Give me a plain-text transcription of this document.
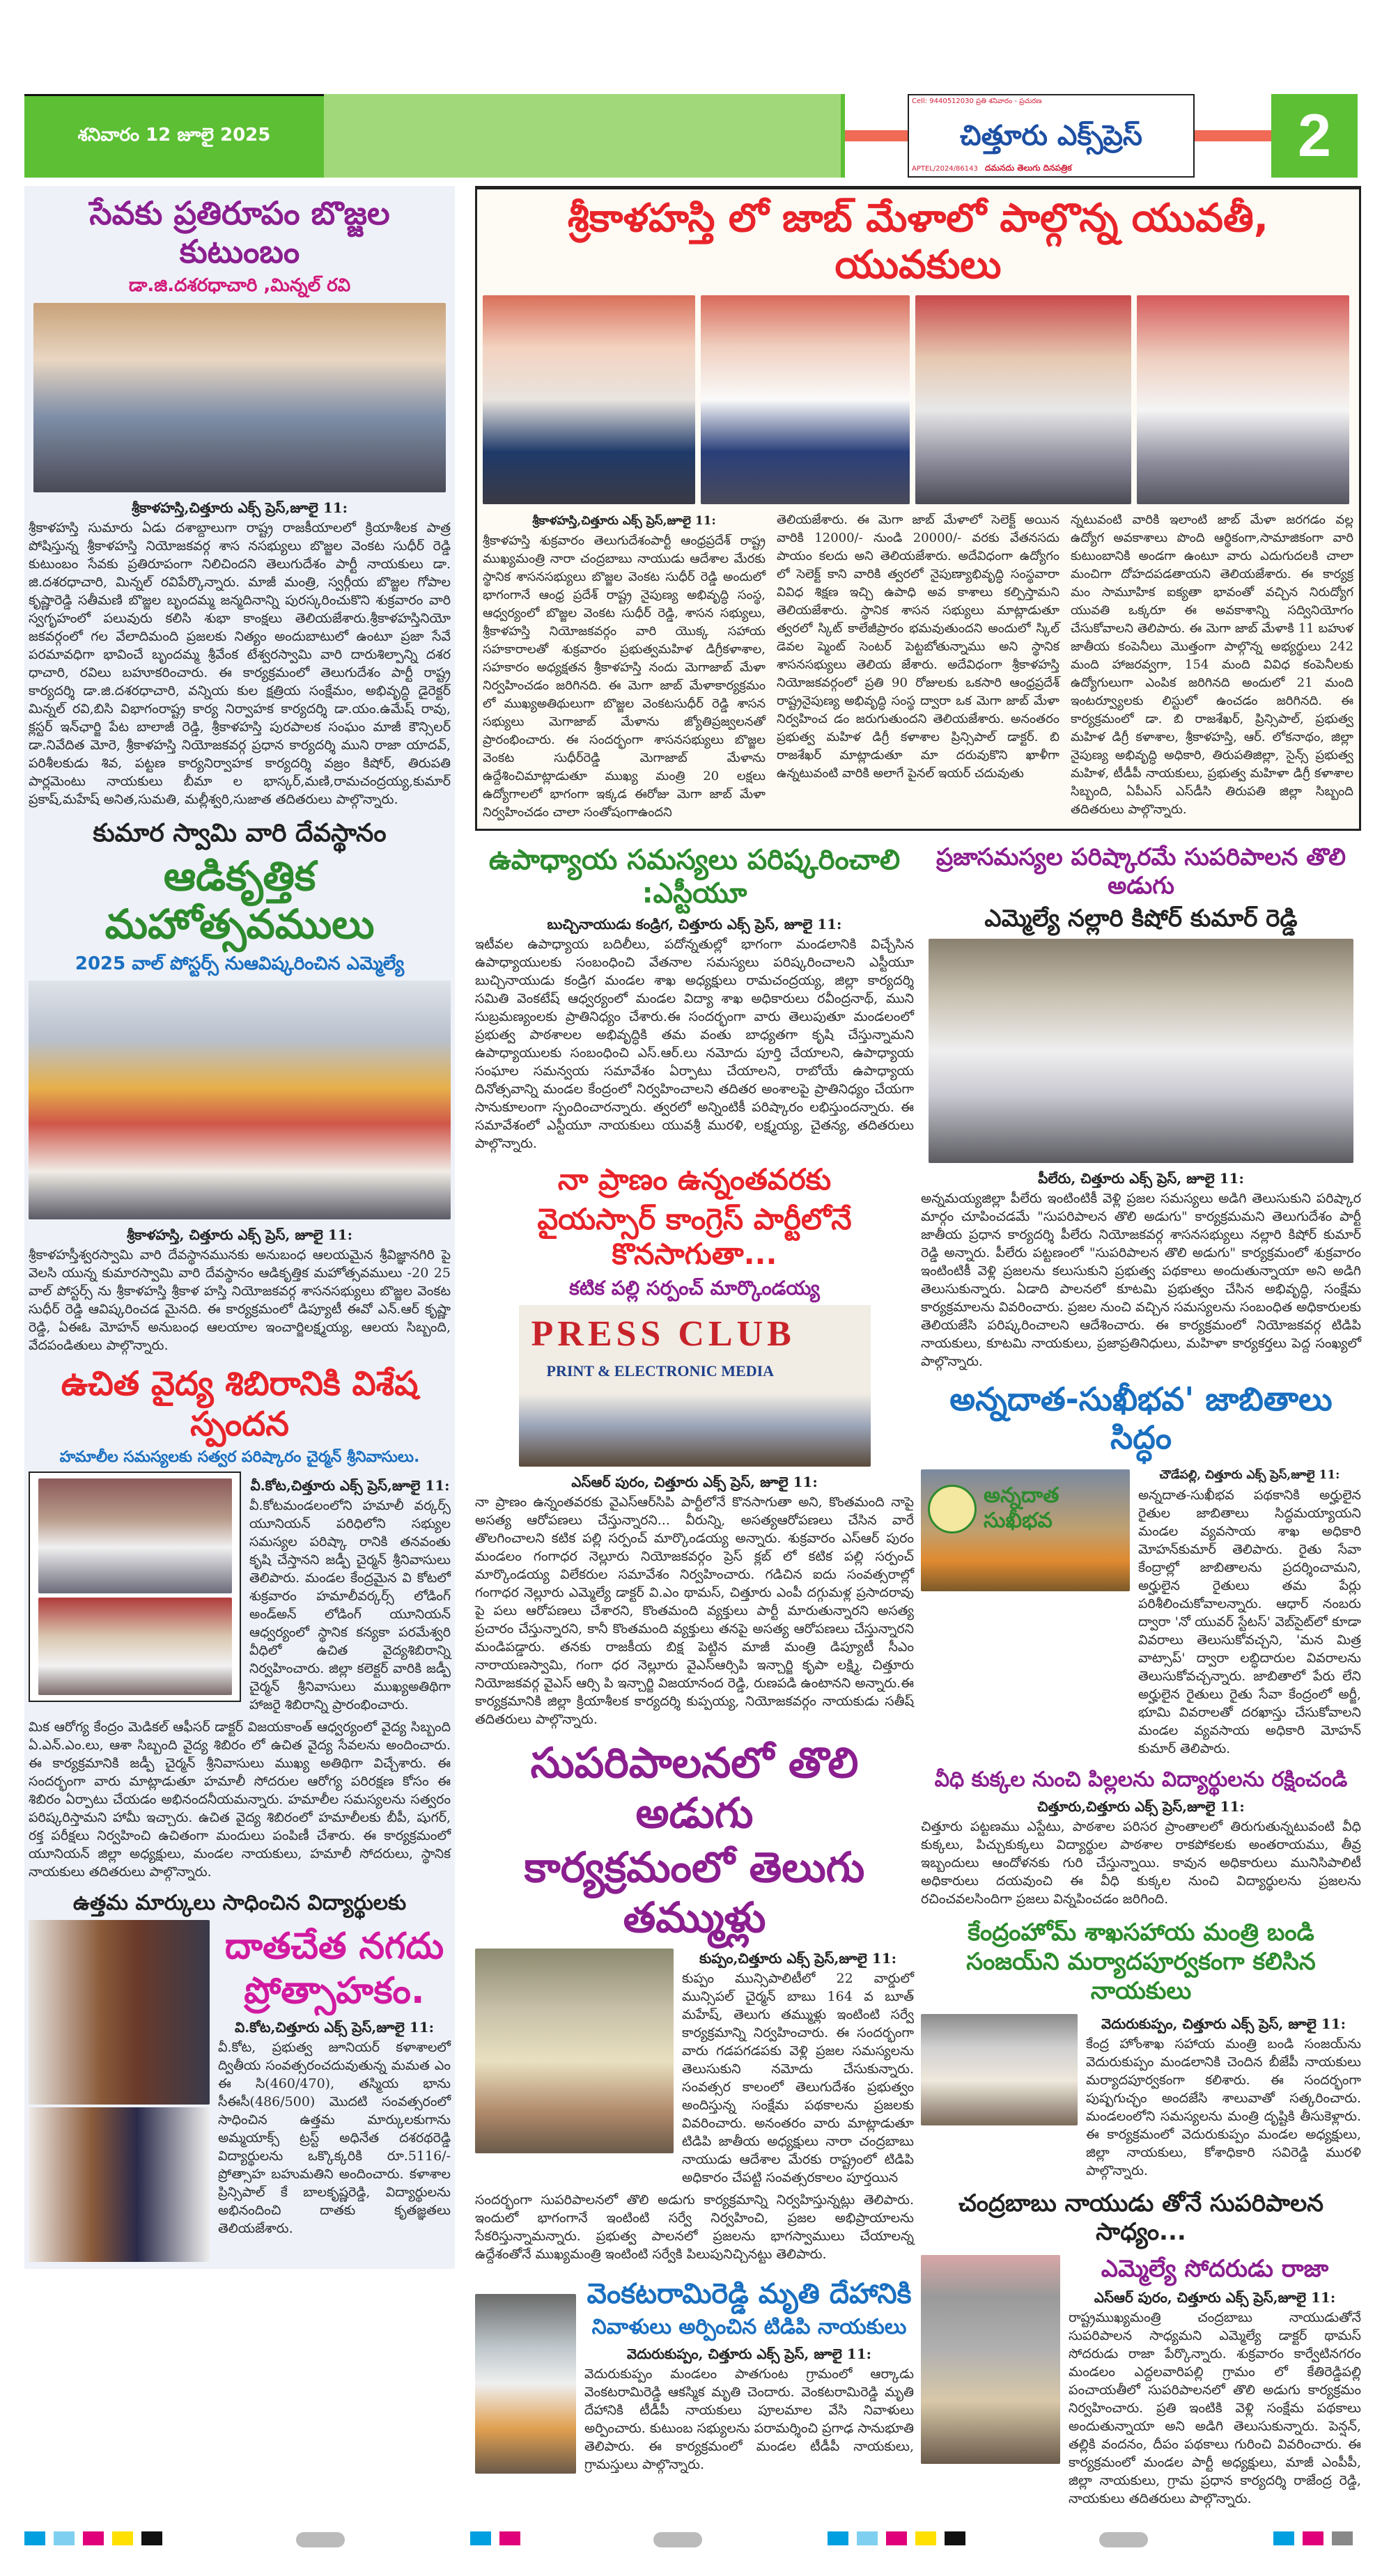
శనివారం 12 జూలై 2025
Cell: 9440512030 ప్రతి శనివారం - ప్రచురణ
చిత్తూరు ఎక్స్‌ప్రెస్
APTEL/2024/86143 దమనదు తెలుగు దినపత్రిక	2
సేవకు ప్రతిరూపం బొజ్జల కుటుంబం
డా.జి.దశరధాచారి ,మిన్నల్ రవి
శ్రీకాళహస్తి,చిత్తూరు ఎక్స్ ప్రెస్,జూలై 11:
శ్రీకాళహస్తి సుమారు ఏడు దశాబ్దాలుగా రాష్ట్ర రాజకీయాలలో క్రియాశీలక పాత్ర పోషిస్తున్న శ్రీకాళహస్తి నియోజకవర్గ శాస నసభ్యులు బొజ్జల వెంకట సుధీర్ రెడ్డి కుటుంబం సేవకు ప్రతిరూపంగా నిలిచిందని తెలుగుదేశం పార్టీ నాయకులు డా. జి.దశరధాచారి, మిన్నల్ రవిపేర్కొన్నారు. మాజీ మంత్రి, స్వర్గీయ బొజ్జల గోపాల కృష్ణారెడ్డి సతీమణి బొజ్జల బృందమ్మ జన్మదినాన్ని పురస్కరించుకొని శుక్రవారం వారి స్వగృహంలో పలువురు కలిసి శుభా కాంక్షలు తెలియజేశారు.శ్రీకాళహస్తినియో జకవర్గంలో గల వేలాదిమంది ప్రజలకు నిత్యం అందుబాటులో ఉంటూ ప్రజా సేవే పరమావధిగా భావించే బృందమ్మ శ్రీవేంక టేశ్వరస్వామి వారి దారుశిల్పాన్ని దశర ధాచారి, రవిలు బహూకరించారు. ఈ కార్యక్రమంలో తెలుగుదేశం పార్టీ రాష్ట్ర కార్యదర్శి డా.జి.దశరధాచారి, వన్నియ కుల క్షత్రియ సంక్షేమం, అభివృద్ధి డైరెక్టర్ మిన్నల్ రవి,బిసి విభాగంరాష్ట్ర కార్య నిర్వాహక కార్యదర్శి డా.యం.ఉమేష్ రావు, క్లస్టర్ ఇన్‌ఛార్జి పేట బాలాజీ రెడ్డి, శ్రీకాళహస్తి పురపాలక సంఘం మాజీ కౌన్సిలర్ డా.నివేదిత మోరె, శ్రీకాళహస్తి నియోజకవర్గ ప్రధాన కార్యదర్శి ముని రాజా యాదవ్, పరిశీలకుడు శివ, పట్టణ కార్యనిర్వాహక కార్యదర్శి వజ్రం కిషోర్, తిరుపతి పార్లమెంటు నాయకులు బీమా ల భాస్కర్,మణి,రామచంద్రయ్య,కుమార్ ప్రకాష్,మహేష్ అనిత,సుమతి, మల్లీశ్వరి,సుజాత తదితరులు పాల్గొన్నారు.
కుమార స్వామి వారి దేవస్థానం
ఆడికృత్తిక మహోత్సవములు
2025 వాల్ పోస్టర్స్ నుఆవిష్కరించిన ఎమ్మెల్యే
శ్రీకాళహస్తి, చిత్తూరు ఎక్స్ ప్రెస్, జూలై 11:
శ్రీకాళహస్తీశ్వరస్వామి వారి దేవస్థానమునకు అనుబంధ ఆలయమైన శ్రీవిజ్ఞానగిరి పై వెలసి యున్న కుమారస్వామి వారి దేవస్థానం ఆడికృత్తిక మహోత్సవములు -20 25 వాల్ పోస్టర్స్ ను శ్రీకాళహస్తి శ్రీకాళ హస్తి నియోజకవర్గ శాసనసభ్యులు బొజ్జల వెంకట సుధీర్ రెడ్డి ఆవిష్కరించడ మైనది. ఈ కార్యక్రమంలో డిప్యూటీ ఈవో ఎన్.ఆర్ కృష్ణా రెడ్డి, ఏఈఓ మోహన్ అనుబంధ ఆలయాల ఇంచార్జిలక్ష్మయ్య, ఆలయ సిబ్బంది, వేదపండితులు పాల్గొన్నారు.
ఉచిత వైద్య శిబిరానికి విశేష స్పందన
హమాలీల సమస్యలకు సత్వర పరిష్కారం చైర్మన్ శ్రీనివాసులు.
వీ.కోట,చిత్తూరు ఎక్స్ ప్రెస్,జూలై 11:
వీ.కోటమండలంలోని హమాలీ వర్కర్స్ యూనియన్ పరిధిలోని సభ్యుల సమస్యల పరిష్కా రానికి తనవంతు కృషి చేస్తానని జడ్పీ చైర్మన్ శ్రీనివాసులు తెలిపారు. మండల కేంద్రమైన వి కోటలో శుక్రవారం హమాలీవర్కర్స్ లోడింగ్ అండ్అన్ లోడింగ్ యూనియన్ ఆధ్వర్యంలో స్థానిక కన్యకా పరమేశ్వరి వీధిలో ఉచిత వైద్యశిబిరాన్ని నిర్వహించారు. జిల్లా కలెక్టర్ వారికి జడ్పీ చైర్మన్ శ్రీనివాసులు ముఖ్యఅతిథిగా హాజరై శిబిరాన్ని ప్రారంభించారు.
మిక ఆరోగ్య కేంద్రం మెడికల్ ఆఫీసర్ డాక్టర్ విజయకాంత్ ఆధ్వర్యంలో వైద్య సిబ్బంది ఏ.ఎన్.ఎం.లు, ఆశా సిబ్బంది వైద్య శిబిరం లో ఉచిత వైద్య సేవలను అందించారు. ఈ కార్యక్రమానికి జడ్పీ చైర్మన్ శ్రీనివాసులు ముఖ్య అతిథిగా విచ్చేశారు. ఈ సందర్భంగా వారు మాట్లాడుతూ హమాలీ సోదరుల ఆరోగ్య పరిరక్షణ కోసం ఈ శిబిరం ఏర్పాటు చేయడం అభినందనీయమన్నారు. హమాలీల సమస్యలను సత్వరం పరిష్కరిస్తామని హామీ ఇచ్చారు. ఉచిత వైద్య శిబిరంలో హమాలీలకు బీపీ, షుగర్, రక్త పరీక్షలు నిర్వహించి ఉచితంగా మందులు పంపిణీ చేశారు. ఈ కార్యక్రమంలో యూనియన్ జిల్లా అధ్యక్షులు, మండల నాయకులు, హమాలీ సోదరులు, స్థానిక నాయకులు తదితరులు పాల్గొన్నారు.
ఉత్తమ మార్కులు సాధించిన విద్యార్థులకు
దాతచేత నగదు ప్రోత్సాహకం.
వి.కోట,చిత్తూరు ఎక్స్ ప్రెస్,జూలై 11:
వీ.కోట, ప్రభుత్వ జూనియర్ కళాశాలలో ద్వితీయ సంవత్సరంచదువుతున్న మమత ఎం ఈ సి(460/470), తస్మియ భాను సీఈసీ(486/500) మొదటి సంవత్సరంలో సాధించిన ఉత్తమ మార్కులకుగాను అమ్మయాక్స్ ట్రస్ట్ అధినేత దశరథరెడ్డి విద్యార్థులను ఒక్కొక్కరికి రూ.5116/- ప్రోత్సాహ బహుమతిని అందించారు. కళాశాల ప్రిన్సిపాల్ కే బాలకృష్ణరెడ్డి, విద్యార్థులను అభినందించి దాతకు కృతజ్ఞతలు తెలియజేశారు.
శ్రీకాళహస్తి లో జాబ్ మేళాలో పాల్గొన్న యువతీ, యువకులు
శ్రీకాళహస్తి,చిత్తూరు ఎక్స్ ప్రెస్,జూలై 11:
శ్రీకాళహస్తి శుక్రవారం తెలుగుదేశంపార్టీ ఆంధ్రప్రదేశ్ రాష్ట్ర ముఖ్యమంత్రి నారా చంద్రబాబు నాయుడు ఆదేశాల మేరకు స్థానిక శాసనసభ్యులు బొజ్జల వెంకట సుధీర్ రెడ్డి అందులో భాగంగానే ఆంధ్ర ప్రదేశ్ రాష్ట్ర నైపుణ్య అభివృద్ధి సంస్థ, ఆధ్వర్యంలో బొజ్జల వెంకట సుధీర్ రెడ్డి, శాసన సభ్యులు, శ్రీకాళహస్తి నియోజకవర్గం వారి యొక్క సహాయ సహకారాలతో శుక్రవారం ప్రభుత్వమహిళ డిగ్రీకళాశాల, సహకారం అధ్యక్షతన శ్రీకాళహస్తి నందు మెగాజాబ్ మేళా నిర్వహించడం జరిగినది. ఈ మెగా జాబ్ మేళాకార్యక్రమం లో ముఖ్యఅతిథులుగా బొజ్జల వెంకటసుధీర్ రెడ్డి శాసన సభ్యులు మెగాజాబ్ మేళాను జ్యోతిప్రజ్వలనతో ప్రారంభించారు. ఈ సందర్భంగా శాసనసభ్యులు బొజ్జల వెంకట సుధీర్‌రెడ్డి మెగాజాబ్ మేళాను ఉద్దేశించిమాట్లాడుతూ ముఖ్య మంత్రి 20 లక్షలు ఉద్యోగాలలో భాగంగా ఇక్కడ ఈరోజు మెగా జాబ్ మేళా నిర్వహించడం చాలా సంతోషంగాఉందని
తెలియజేశారు. ఈ మెగా జాబ్ మేళాలో సెలెక్ట్ అయిన వారికి 12000/- నుండి 20000/- వరకు వేతనసదు పాయం కలదు అని తెలియజేశారు. అదేవిధంగా ఉద్యోగం లో సెలెక్ట్ కాని వారికి త్వరలో నైపుణ్యాభివృద్ధి సంస్థవారా వివిధ శిక్షణ ఇచ్చి ఉపాధి అవ కాశాలు కల్పిస్తామని తెలియజేశారు. స్థానిక శాసన సభ్యులు మాట్లాడుతూ త్వరలో స్కిట్ కాలేజీప్రారం భమవుతుందని అందులో స్కిల్ డెవల ప్మెంట్ సెంటర్ పెట్టబోతున్నాము అని స్థానిక శాసనసభ్యులు తెలియ జేశారు. అదేవిధంగా శ్రీకాళహస్తి నియోజకవర్గంలో ప్రతి 90 రోజులకు ఒకసారి ఆంధ్రప్రదేశ్ రాష్ట్రనైపుణ్య అభివృద్ధి సంస్థ ద్వారా ఒక మెగా జాబ్ మేళా నిర్వహించ డం జరుగుతుందని తెలియజేశారు. అనంతరం ప్రభుత్వ మహిళ డిగ్రీ కళాశాల ప్రిన్సిపాల్ డాక్టర్. బి రాజశేఖర్ మాట్లాడుతూ మా దరువుకొని ఖాళీగా ఉన్నటువంటి వారికి అలాగే పైనల్ ఇయర్ చదువుతు
న్నటువంటి వారికి ఇలాంటి జాబ్ మేళా జరగడం వల్ల ఉద్యోగ అవకాశాలు పొంది ఆర్థికంగా,సామాజికంగా వారి కుటుంబానికి అండగా ఉంటూ వారు ఎదుగుదలకి చాలా మంచిగా దోహదపడతాయని తెలియజేశారు. ఈ కార్యక్ర మం సామూహిక ఐక్యతా భావంతో వచ్చిన నిరుద్యోగ యువతి ఒక్కరూ ఈ అవకాశాన్ని సద్వినియోగం చేసుకోవాలని తెలిపారు. ఈ మెగా జాబ్ మేళాకి 11 బహుళ జాతీయ కంపెనీలు మొత్తంగా పాల్గొన్న అభ్యర్థులు 242 మంది హాజరవ్వగా, 154 మంది వివిధ కంపెనీలకు ఉద్యోగులుగా ఎంపిక జరిగినది అందులో 21 మంది ఇంటర్వ్యూలకు లిస్టులో ఉంచడం జరిగినది. ఈ కార్యక్రమంలో డా. బి రాజశేఖర్, ప్రిన్సిపాల్, ప్రభుత్వ మహిళ డిగ్రీ కళాశాల, శ్రీకాళహస్తి, ఆర్. లోకనాథం, జిల్లా నైపుణ్య అభివృద్ధి అధికారి, తిరుపతిజిల్లా, సైన్స్ ప్రభుత్వ మహిళ, టీడీపీ నాయకులు, ప్రభుత్వ మహిళా డిగ్రీ కళాశాల సిబ్బంది, ఏపీఎస్ ఎస్‌డీసి తిరుపతి జిల్లా సిబ్బంది తదితరులు పాల్గొన్నారు.
ఉపాధ్యాయ సమస్యలు పరిష్కరించాలి :ఎస్టీయూ
బుచ్చినాయుడు కండ్రిగ, చిత్తూరు ఎక్స్ ప్రెస్, జూలై 11:
ఇటీవల ఉపాధ్యాయ బదిలీలు, పదోన్నతుల్లో భాగంగా మండలానికి విచ్చేసిన ఉపాధ్యాయులకు సంబంధించి వేతనాల సమస్యలు పరిష్కరించాలని ఎస్టీయూ బుచ్చినాయుడు కండ్రిగ మండల శాఖ అధ్యక్షులు రామచంద్రయ్య, జిల్లా కార్యదర్శి సమితి వెంకటేష్ ఆధ్వర్యంలో మండల విద్యా శాఖ అధికారులు రవీంద్రనాథ్, ముని సుబ్రమణ్యంలకు ప్రాతినిధ్యం చేశారు.ఈ సందర్భంగా వారు తెలుపుతూ మండలంలో ప్రభుత్వ పాఠశాలల అభివృద్ధికి తమ వంతు బాధ్యతగా కృషి చేస్తున్నామని ఉపాధ్యాయులకు సంబంధించి ఎస్.ఆర్.లు నమోదు పూర్తి చేయాలని, ఉపాధ్యాయ సంఘాల సమన్వయ సమావేశం ఏర్పాటు చేయాలని, రాబోయే ఉపాధ్యాయ దినోత్సవాన్ని మండల కేంద్రంలో నిర్వహించాలని తదితర అంశాలపై ప్రాతినిధ్యం చేయగా సానుకూలంగా స్పందించారన్నారు. త్వరలో అన్నింటికీ పరిష్కారం లభిస్తుందన్నారు. ఈ సమావేశంలో ఎస్టీయూ నాయకులు యువశ్రీ మురళి, లక్ష్మయ్య, చైతన్య, తదితరులు పాల్గొన్నారు.
నా ప్రాణం ఉన్నంతవరకు
వైయస్సార్ కాంగ్రెస్ పార్టీలోనే కొనసాగుతా...
కటిక పల్లి సర్పంచ్ మార్కొండయ్య
PRESS CLUB
PRINT & ELECTRONIC MEDIA
ఎస్ఆర్ పురం, చిత్తూరు ఎక్స్ ప్రెస్, జూలై 11:
నా ప్రాణం ఉన్నంతవరకు వైఎస్ఆర్‌సిపి పార్టీలోనే కొనసాగుతా అని, కొంతమంది నాపై అసత్య ఆరోపణలు చేస్తున్నారని... వీరున్ని, అసత్యఆరోపణలు చేసిన వారే తొలగించాలని కటిక పల్లి సర్పంచ్ మార్కొండయ్య అన్నారు. శుక్రవారం ఎస్ఆర్ పురం మండలం గంగాధర నెల్లూరు నియోజకవర్గం ప్రెస్ క్లబ్ లో కటిక పల్లి సర్పంచ్ మార్కొండయ్య విలేకరుల సమావేశం నిర్వహించారు. గడిచిన ఐదు సంవత్సరాల్లో గంగాధర నెల్లూరు ఎమ్మెల్యే డాక్టర్ వి.ఎం థామస్, చిత్తూరు ఎంపీ దగ్గుమళ్ల ప్రసాదరావు పై పలు ఆరోపణలు చేశారని, కొంతమంది వ్యక్తులు పార్టీ మారుతున్నారని అసత్య ప్రచారం చేస్తున్నారని, కానీ కొంతమంది వ్యక్తులు తనపై అసత్య ఆరోపణలు చేస్తున్నారని మండిపడ్డారు. తనకు రాజకీయ బిక్ష పెట్టిన మాజీ మంత్రి డిప్యూటీ సీఎం నారాయణస్వామి, గంగా ధర నెల్లూరు వైఎస్ఆర్సిపి ఇన్చార్జి కృపా లక్ష్మి, చిత్తూరు నియోజకవర్గ వైఎస్ ఆర్సి పి ఇన్చార్జి విజయానంద రెడ్డి, రుణపడి ఉంటానని అన్నారు.ఈ కార్యక్రమానికి జిల్లా క్రియాశీలక కార్యదర్శి కుప్పయ్య, నియోజకవర్గం నాయకుడు సతీష్ తదితరులు పాల్గొన్నారు.
సుపరిపాలనలో తొలి అడుగు
కార్యక్రమంలో తెలుగు తమ్ముళ్లు
కుప్పం,చిత్తూరు ఎక్స్ ప్రెస్,జూలై 11:
కుప్పం మున్సిపాలిటీలో 22 వార్డులో మున్సిపల్ చైర్మన్ బాబు 164 వ బూత్ మహేష్, తెలుగు తమ్ముళ్లు ఇంటింటి సర్వే కార్యక్రమాన్ని నిర్వహించారు. ఈ సందర్భంగా వారు గడపగడపకు వెళ్లి ప్రజల సమస్యలను తెలుసుకుని నమోదు చేసుకున్నారు. సంవత్సర కాలంలో తెలుగుదేశం ప్రభుత్వం అందిస్తున్న సంక్షేమ పథకాలను ప్రజలకు వివరించారు. అనంతరం వారు మాట్లాడుతూ టిడిపి జాతీయ అధ్యక్షులు నారా చంద్రబాబు నాయుడు ఆదేశాల మేరకు రాష్ట్రంలో టిడిపి అధికారం చేపట్టి సంవత్సరకాలం పూర్తయిన
సందర్భంగా సుపరిపాలనలో తొలి అడుగు కార్యక్రమాన్ని నిర్వహిస్తున్నట్లు తెలిపారు. ఇందులో భాగంగానే ఇంటింటి సర్వే నిర్వహించి, ప్రజల అభిప్రాయాలను సేకరిస్తున్నామన్నారు. ప్రభుత్వ పాలనలో ప్రజలను భాగస్వాములు చేయాలన్న ఉద్దేశంతోనే ముఖ్యమంత్రి ఇంటింటి సర్వేకి పిలుపునిచ్చినట్టు తెలిపారు.
వెంకటరామిరెడ్డి మృతి దేహానికి
నివాళులు అర్పించిన టిడిపి నాయకులు
వెదురుకుప్పం, చిత్తూరు ఎక్స్ ప్రెస్, జూలై 11:
వెదురుకుప్పం మండలం పాతగుంట గ్రామంలో ఆర్కాడు వెంకటరామిరెడ్డి ఆకస్మిక మృతి చెందారు. వెంకటరామిరెడ్డి మృతి దేహానికి టీడీపీ నాయకులు పూలమాల వేసి నివాళులు అర్పించారు. కుటుంబ సభ్యులను పరామర్శించి ప్రగాఢ సానుభూతి తెలిపారు. ఈ కార్యక్రమంలో మండల టీడీపీ నాయకులు, గ్రామస్తులు పాల్గొన్నారు.
ప్రజాసమస్యల పరిష్కారమే సుపరిపాలన తొలి అడుగు
ఎమ్మెల్యే నల్లారి కిషోర్ కుమార్ రెడ్డి
పీలేరు, చిత్తూరు ఎక్స్ ప్రెస్, జూలై 11:
అన్నమయ్యజిల్లా పీలేరు ఇంటింటికీ వెళ్లి ప్రజల సమస్యలు అడిగి తెలుసుకుని పరిష్కార మార్గం చూపించడమే "సుపరిపాలన తొలి అడుగు" కార్యక్రమమని తెలుగుదేశం పార్టీ జాతీయ ప్రధాన కార్యదర్శి పీలేరు నియోజకవర్గ శాసనసభ్యులు నల్లారి కిషోర్ కుమార్ రెడ్డి అన్నారు. పీలేరు పట్టణంలో "సుపరిపాలన తొలి అడుగు" కార్యక్రమంలో శుక్రవారం ఇంటింటికీ వెళ్లి ప్రజలను కలుసుకుని ప్రభుత్వ పథకాలు అందుతున్నాయా అని అడిగి తెలుసుకున్నారు. ఏడాది పాలనలో కూటమి ప్రభుత్వం చేసిన అభివృద్ధి, సంక్షేమ కార్యక్రమాలను వివరించారు. ప్రజల నుంచి వచ్చిన సమస్యలను సంబంధిత అధికారులకు తెలియజేసి పరిష్కరించాలని ఆదేశించారు. ఈ కార్యక్రమంలో నియోజకవర్గ టిడిపి నాయకులు, కూటమి నాయకులు, ప్రజాప్రతినిధులు, మహిళా కార్యకర్తలు పెద్ద సంఖ్యలో పాల్గొన్నారు.
అన్నదాత-సుఖీభవ' జాబితాలు సిద్ధం
అన్నదాత సుఖీభవ
చౌడేపల్లి, చిత్తూరు ఎక్స్ ప్రెస్,జూలై 11:
అన్నదాత-సుఖీభవ పథకానికి అర్హులైన రైతుల జాబితాలు సిద్ధమయ్యాయని మండల వ్యవసాయ శాఖ అధికారి మోహన్‌కుమార్ తెలిపారు. రైతు సేవా కేంద్రాల్లో జాబితాలను ప్రదర్శించామని, అర్హులైన రైతులు తమ పేర్లు పరిశీలించుకోవాలన్నారు. ఆధార్ నంబరు ద్వారా 'నో యువర్ స్టేటస్' వెబ్‌సైట్‌లో కూడా వివరాలు తెలుసుకోవచ్చని, 'మన మిత్ర వాట్సాప్' ద్వారా లబ్ధిదారుల వివరాలను తెలుసుకోవచ్చన్నారు. జాబితాలో పేరు లేని అర్హులైన రైతులు రైతు సేవా కేంద్రంలో అర్జీ, భూమి వివరాలతో దరఖాస్తు చేసుకోవాలని మండల వ్యవసాయ అధికారి మోహన్ కుమార్ తెలిపారు.
వీధి కుక్కల నుంచి పిల్లలను విద్యార్థులను రక్షించండి
చిత్తూరు,చిత్తూరు ఎక్స్ ప్రెస్,జూలై 11:
చిత్తూరు పట్టణము ఎస్టేటు, పాఠశాల పరిసర ప్రాంతాలలో తిరుగుతున్నటువంటి వీధి కుక్కలు, పిచ్చుకుక్కలు విద్యార్థుల పాఠశాల రాకపోకలకు అంతరాయము, తీవ్ర ఇబ్బందులు ఆందోళనకు గురి చేస్తున్నాయి. కావున అధికారులు మునిసిపాలిటీ అధికారులు దయవుంచి ఈ వీధి కుక్కల నుంచి విద్యార్థులను ప్రజలను రచించవలసిందిగా ప్రజలు విన్నపించడం జరిగింది.
కేంద్రంహోమ్ శాఖసహాయ మంత్రి బండి సంజయ్‌ని మర్యాదపూర్వకంగా కలిసిన నాయకులు
వెదురుకుప్పం, చిత్తూరు ఎక్స్ ప్రెస్, జూలై 11:
కేంద్ర హోంశాఖ సహాయ మంత్రి బండి సంజయ్‌ను వెదురుకుప్పం మండలానికి చెందిన బీజేపీ నాయకులు మర్యాదపూర్వకంగా కలిశారు. ఈ సందర్భంగా పుష్పగుచ్ఛం అందజేసి శాలువాతో సత్కరించారు. మండలంలోని సమస్యలను మంత్రి దృష్టికి తీసుకెళ్లారు. ఈ కార్యక్రమంలో వెదురుకుప్పం మండల అధ్యక్షులు, జిల్లా నాయకులు, కోశాధికారి సవిరెడ్డి మురళి పాల్గొన్నారు.
చంద్రబాబు నాయుడు తోనే సుపరిపాలన సాధ్యం...
ఎమ్మెల్యే సోదరుడు రాజా
ఎస్ఆర్ పురం, చిత్తూరు ఎక్స్ ప్రెస్,జూలై 11:
రాష్ట్రముఖ్యమంత్రి చంద్రబాబు నాయుడుతోనే సుపరిపాలన సాధ్యమని ఎమ్మెల్యే డాక్టర్ థామస్ సోదరుడు రాజా పేర్కొన్నారు. శుక్రవారం కార్వేటినగరం మండలం ఎద్దలవారిపల్లి గ్రామం లో కేతిరెడ్డిపల్లి పంచాయతీలో సుపరిపాలనలో తొలి అడుగు కార్యక్రమం నిర్వహించారు. ప్రతి ఇంటికి వెళ్లి సంక్షేమ పథకాలు అందుతున్నాయా అని అడిగి తెలుసుకున్నారు. పెన్షన్, తల్లికి వందనం, దీపం పథకాలు గురించి వివరించారు. ఈ కార్యక్రమంలో మండల పార్టీ అధ్యక్షులు, మాజీ ఎంపీపీ, జిల్లా నాయకులు, గ్రామ ప్రధాన కార్యదర్శి రాజేంద్ర రెడ్డి, నాయకులు తదితరులు పాల్గొన్నారు.
